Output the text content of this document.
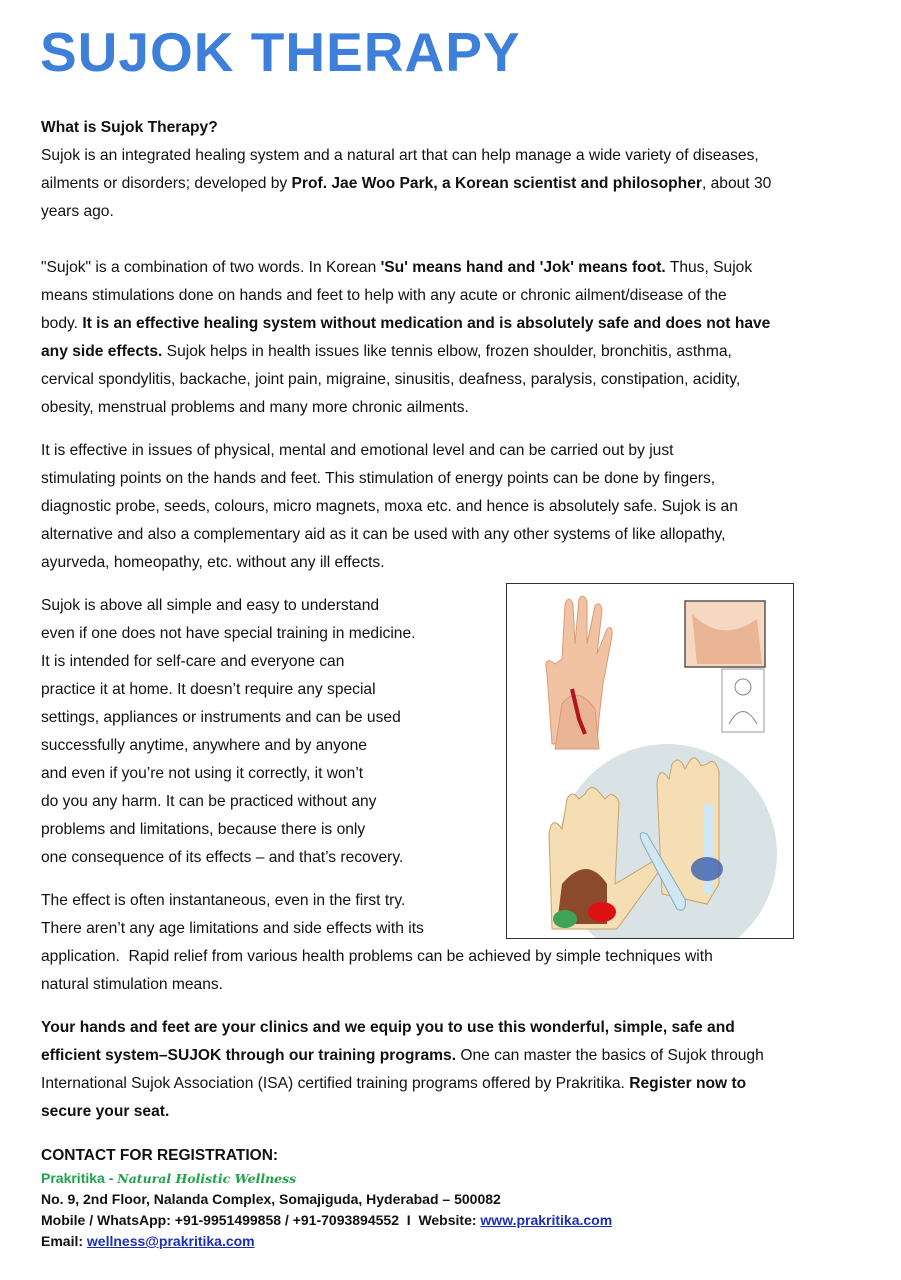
SUJOK THERAPY
What is Sujok Therapy?
Sujok is an integrated healing system and a natural art that can help manage a wide variety of diseases,
ailments or disorders; developed by Prof. Jae Woo Park, a Korean scientist and philosopher, about 30
years ago.
"Sujok" is a combination of two words. In Korean 'Su' means hand and 'Jok' means foot. Thus, Sujok
means stimulations done on hands and feet to help with any acute or chronic ailment/disease of the
body. It is an effective healing system without medication and is absolutely safe and does not have
any side effects. Sujok helps in health issues like tennis elbow, frozen shoulder, bronchitis, asthma,
cervical spondylitis, backache, joint pain, migraine, sinusitis, deafness, paralysis, constipation, acidity,
obesity, menstrual problems and many more chronic ailments.
It is effective in issues of physical, mental and emotional level and can be carried out by just
stimulating points on the hands and feet. This stimulation of energy points can be done by fingers,
diagnostic probe, seeds, colours, micro magnets, moxa etc. and hence is absolutely safe. Sujok is an
alternative and also a complementary aid as it can be used with any other systems of like allopathy,
ayurveda, homeopathy, etc. without any ill effects.
Sujok is above all simple and easy to understand
even if one does not have special training in medicine.
It is intended for self-care and everyone can
practice it at home. It doesn’t require any special
settings, appliances or instruments and can be used
successfully anytime, anywhere and by anyone
and even if you’re not using it correctly, it won’t
do you any harm. It can be practiced without any
problems and limitations, because there is only
one consequence of its effects – and that’s recovery.
The effect is often instantaneous, even in the first try.
There aren’t any age limitations and side effects with its
application.  Rapid relief from various health problems can be achieved by simple techniques with
natural stimulation means.
Your hands and feet are your clinics and we equip you to use this wonderful, simple, safe and
efficient system–SUJOK through our training programs. One can master the basics of Sujok through
International Sujok Association (ISA) certified training programs offered by Prakritika. Register now to
secure your seat.
CONTACT FOR REGISTRATION:
Prakritika - Natural Holistic Wellness
No. 9, 2nd Floor, Nalanda Complex, Somajiguda, Hyderabad – 500082
Mobile / WhatsApp: +91-9951499858 / +91-7093894552  I  Website: www.prakritika.com
Email: wellness@prakritika.com
